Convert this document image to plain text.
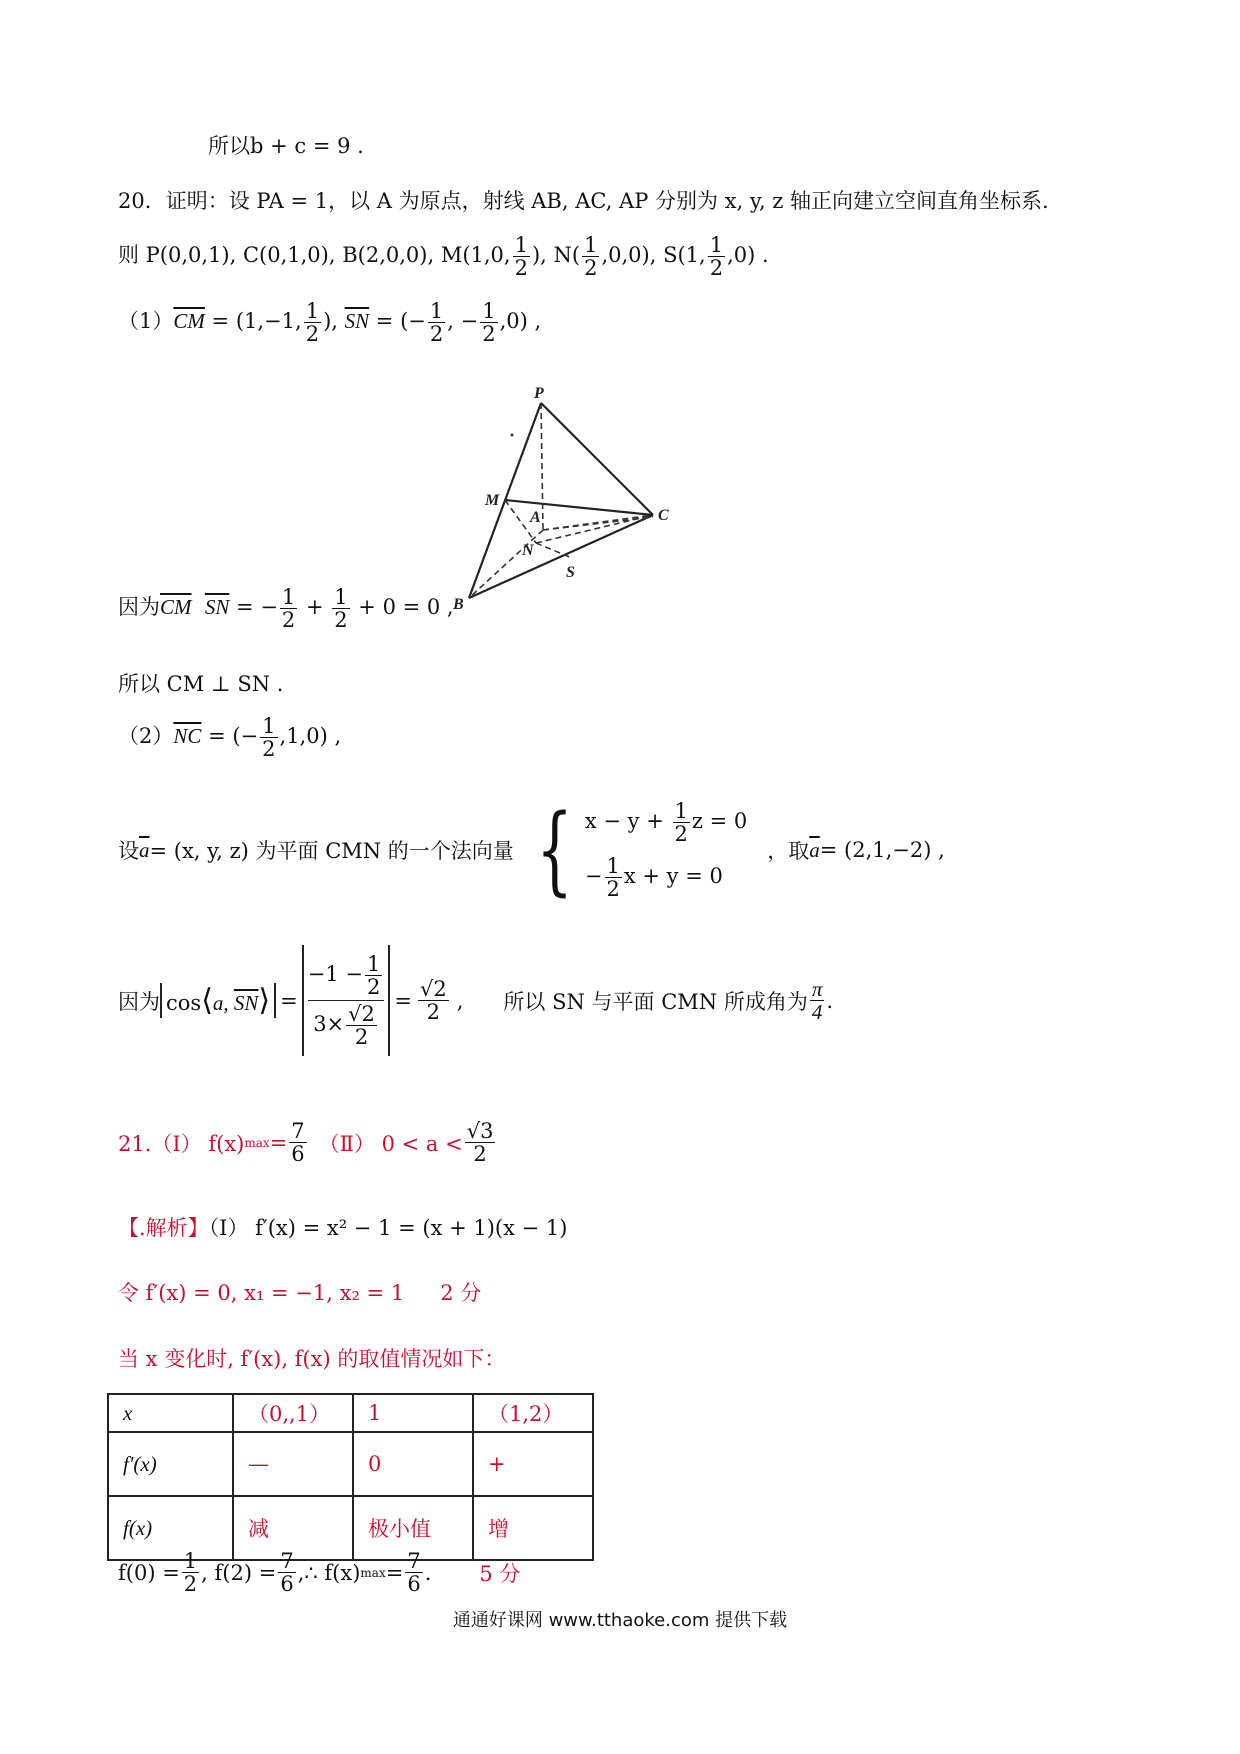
所以b + c = 9 .
20．证明：设 PA = 1，以 A 为原点，射线 AB, AC, AP 分别为 x, y, z 轴正向建立空间直角坐标系.
则 P(0,0,1), C(0,1,0), B(2,0,0), M(1,0, $\frac{1}{2}$ ), $N( \frac{1}{2} ,0,0)$, S(1, $\frac{1}{2} ,0$) .
$(1)\overline{CM} = (1,-1$, $\frac{1}{2}$ ), $\overline{SN}$ = (− $\frac{1}{2}$ , − $\frac{1}{2} ,0$) ,
P
M
A	C
N
S
B
因为$\overline{CM}$ $\overline{SN}$ = − $\frac{1}{2} + \frac{1}{2} + 0 = 0$ ,
所以 CM ⊥ SN .
$(2)\overline{NC}$ = (− $\frac{1}{2} ,1,0$) ,
设 $\overline{a} = (x$, y, z) 为平面 CMN 的一个法向量 { $x - y + \frac{1}{2}$ z = 0
− $\frac{1}{2}$ x + y = 0
，取 $\overline{a} = (2,1,-2)$ ,
因为 cos⟨a, $\overline{SN}⟩ = \frac{-1 - \frac{1}{2}}{3\times \frac{√2}{2}} = \frac{√2}{2}$ , 所以 SN 与平面 CMN 所成角为 $\frac{\pi}{4}$ .
21.（Ⅰ） f(x) $\max = \frac{7}{6}$ （Ⅱ） $0 < a < \frac{√3}{2}$
【.解析】（Ⅰ） f′(x) = x² − 1 = (x + 1)(x − 1)
令 f′(x) = 0, x₁ = −1, x₂ = 1 2 分
当 x 变化时, f′(x), f(x) 的取值情况如下：
x	（0,,1）	1	（1,2）
f′(x)	—	0	+
f(x)	减	极小值	增
$f(0) = \frac{1}{2}$ , $f(2) = \frac{7}{6}$ ,∴ f(x) $\max = \frac{7}{6}$ . 5 分
通通好课网 www.tthaoke.com 提供下载
